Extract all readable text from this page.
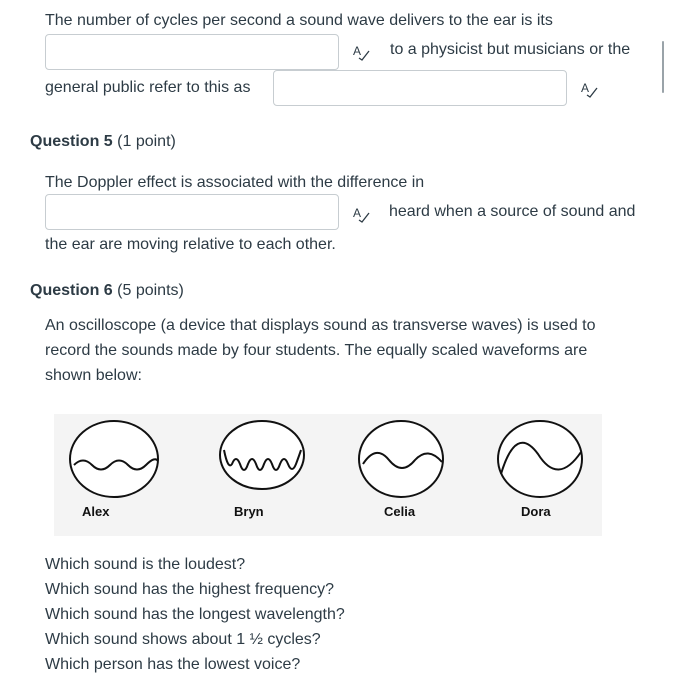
The number of cycles per second a sound wave delivers to the ear is its
A to a physicist but musicians or the
general public refer to this as	A
Question 5 (1 point)
The Doppler effect is associated with the difference in
A heard when a source of sound and
the ear are moving relative to each other.
Question 6 (5 points)
An oscilloscope (a device that displays sound as transverse waves) is used to
record the sounds made by four students. The equally scaled waveforms are
shown below:
Alex	Bryn	Celia	Dora
Which sound is the loudest?
Which sound has the highest frequency?
Which sound has the longest wavelength?
Which sound shows about 1 ½ cycles?
Which person has the lowest voice?
